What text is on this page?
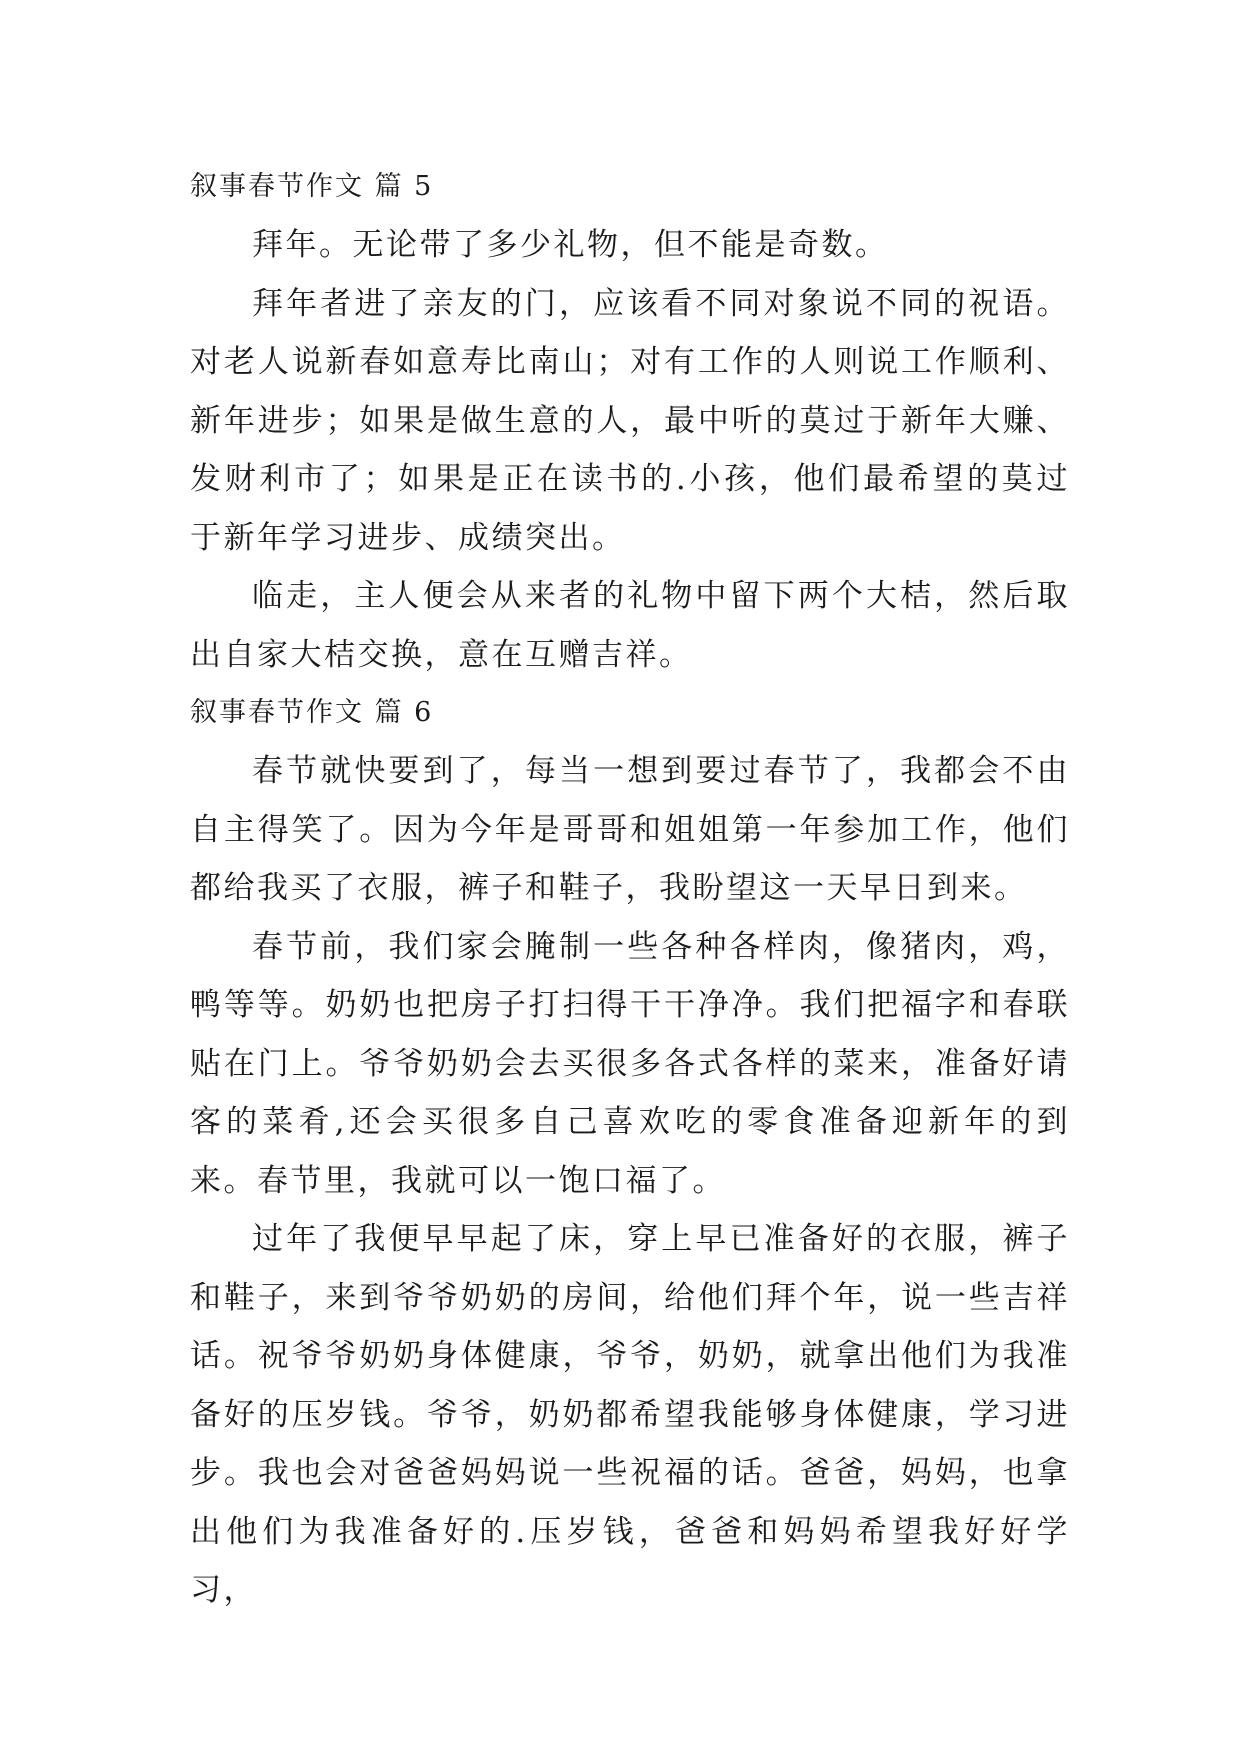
叙事春节作文 篇 5

拜年。无论带了多少礼物，但不能是奇数。

拜年者进了亲友的门，应该看不同对象说不同的祝语。对老人说新春如意寿比南山；对有工作的人则说工作顺利、新年进步；如果是做生意的人，最中听的莫过于新年大赚、发财利市了；如果是正在读书的.小孩，他们最希望的莫过于新年学习进步、成绩突出。

临走，主人便会从来者的礼物中留下两个大桔，然后取出自家大桔交换，意在互赠吉祥。

叙事春节作文 篇 6

春节就快要到了，每当一想到要过春节了，我都会不由自主得笑了。因为今年是哥哥和姐姐第一年参加工作，他们都给我买了衣服，裤子和鞋子，我盼望这一天早日到来。

春节前，我们家会腌制一些各种各样肉，像猪肉，鸡，鸭等等。奶奶也把房子打扫得干干净净。我们把福字和春联贴在门上。爷爷奶奶会去买很多各式各样的菜来，准备好请客的菜肴,还会买很多自己喜欢吃的零食准备迎新年的到来。春节里，我就可以一饱口福了。

过年了我便早早起了床，穿上早已准备好的衣服，裤子和鞋子，来到爷爷奶奶的房间，给他们拜个年，说一些吉祥话。祝爷爷奶奶身体健康，爷爷，奶奶，就拿出他们为我准备好的压岁钱。爷爷，奶奶都希望我能够身体健康，学习进步。我也会对爸爸妈妈说一些祝福的话。爸爸，妈妈，也拿出他们为我准备好的.压岁钱，爸爸和妈妈希望我好好学习，
